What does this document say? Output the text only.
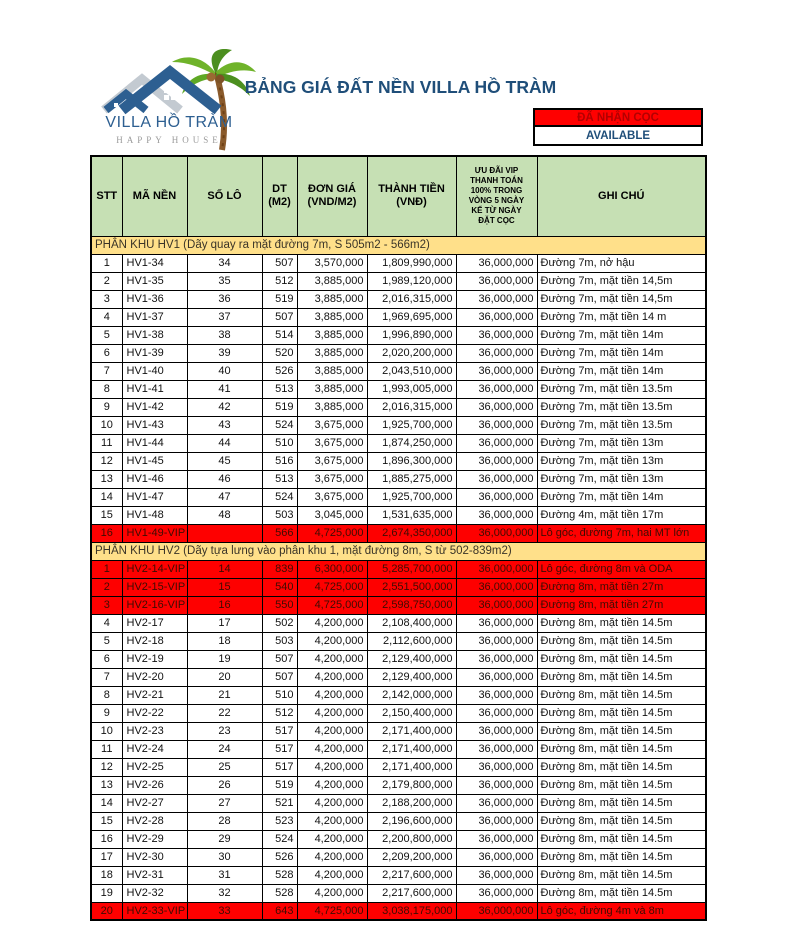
VILLA HỒ TRÀM
HAPPY HOUSE
BẢNG GIÁ ĐẤT NỀN VILLA HỒ TRÀM
ĐÃ NHẬN CỌC
AVAILABLE
STT	MÃ NỀN	SỐ LÔ	DT (M2)	ĐƠN GIÁ (VND/M2)	THÀNH TIỀN (VNĐ)	ƯU ĐÃI VIP THANH TOÁN 100% TRONG VÒNG 5 NGÀY KỂ TỪ NGÀY ĐẶT CỌC	GHI CHÚ
PHÂN KHU HV1 (Dãy quay ra mặt đường 7m, S 505m2 - 566m2)							
1	HV1-34	34	507	3,570,000	1,809,990,000	36,000,000	Đường 7m, nở hậu
2	HV1-35	35	512	3,885,000	1,989,120,000	36,000,000	Đường 7m, mặt tiền 14,5m
3	HV1-36	36	519	3,885,000	2,016,315,000	36,000,000	Đường 7m, mặt tiền 14,5m
4	HV1-37	37	507	3,885,000	1,969,695,000	36,000,000	Đường 7m, mặt tiền 14 m
5	HV1-38	38	514	3,885,000	1,996,890,000	36,000,000	Đường 7m, mặt tiền 14m
6	HV1-39	39	520	3,885,000	2,020,200,000	36,000,000	Đường 7m, mặt tiền 14m
7	HV1-40	40	526	3,885,000	2,043,510,000	36,000,000	Đường 7m, mặt tiền 14m
8	HV1-41	41	513	3,885,000	1,993,005,000	36,000,000	Đường 7m, mặt tiền 13.5m
9	HV1-42	42	519	3,885,000	2,016,315,000	36,000,000	Đường 7m, mặt tiền 13.5m
10	HV1-43	43	524	3,675,000	1,925,700,000	36,000,000	Đường 7m, mặt tiền 13.5m
11	HV1-44	44	510	3,675,000	1,874,250,000	36,000,000	Đường 7m, mặt tiền 13m
12	HV1-45	45	516	3,675,000	1,896,300,000	36,000,000	Đường 7m, mặt tiền 13m
13	HV1-46	46	513	3,675,000	1,885,275,000	36,000,000	Đường 7m, mặt tiền 13m
14	HV1-47	47	524	3,675,000	1,925,700,000	36,000,000	Đường 7m, mặt tiền 14m
15	HV1-48	48	503	3,045,000	1,531,635,000	36,000,000	Đường 4m, mặt tiền 17m
16	HV1-49-VIP		566	4,725,000	2,674,350,000	36,000,000	Lô góc, đường 7m, hai MT lớn
PHÂN KHU HV2 (Dãy tựa lưng vào phân khu 1, mặt đường 8m, S từ 502-839m2)							
1	HV2-14-VIP	14	839	6,300,000	5,285,700,000	36,000,000	Lô góc, đường 8m và ODA
2	HV2-15-VIP	15	540	4,725,000	2,551,500,000	36,000,000	Đường 8m, mặt tiền 27m
3	HV2-16-VIP	16	550	4,725,000	2,598,750,000	36,000,000	Đường 8m, mặt tiền 27m
4	HV2-17	17	502	4,200,000	2,108,400,000	36,000,000	Đường 8m, mặt tiền 14.5m
5	HV2-18	18	503	4,200,000	2,112,600,000	36,000,000	Đường 8m, mặt tiền 14.5m
6	HV2-19	19	507	4,200,000	2,129,400,000	36,000,000	Đường 8m, mặt tiền 14.5m
7	HV2-20	20	507	4,200,000	2,129,400,000	36,000,000	Đường 8m, mặt tiền 14.5m
8	HV2-21	21	510	4,200,000	2,142,000,000	36,000,000	Đường 8m, mặt tiền 14.5m
9	HV2-22	22	512	4,200,000	2,150,400,000	36,000,000	Đường 8m, mặt tiền 14.5m
10	HV2-23	23	517	4,200,000	2,171,400,000	36,000,000	Đường 8m, mặt tiền 14.5m
11	HV2-24	24	517	4,200,000	2,171,400,000	36,000,000	Đường 8m, mặt tiền 14.5m
12	HV2-25	25	517	4,200,000	2,171,400,000	36,000,000	Đường 8m, mặt tiền 14.5m
13	HV2-26	26	519	4,200,000	2,179,800,000	36,000,000	Đường 8m, mặt tiền 14.5m
14	HV2-27	27	521	4,200,000	2,188,200,000	36,000,000	Đường 8m, mặt tiền 14.5m
15	HV2-28	28	523	4,200,000	2,196,600,000	36,000,000	Đường 8m, mặt tiền 14.5m
16	HV2-29	29	524	4,200,000	2,200,800,000	36,000,000	Đường 8m, mặt tiền 14.5m
17	HV2-30	30	526	4,200,000	2,209,200,000	36,000,000	Đường 8m, mặt tiền 14.5m
18	HV2-31	31	528	4,200,000	2,217,600,000	36,000,000	Đường 8m, mặt tiền 14.5m
19	HV2-32	32	528	4,200,000	2,217,600,000	36,000,000	Đường 8m, mặt tiền 14.5m
20	HV2-33-VIP	33	643	4,725,000	3,038,175,000	36,000,000	Lô góc, đường 4m và 8m
